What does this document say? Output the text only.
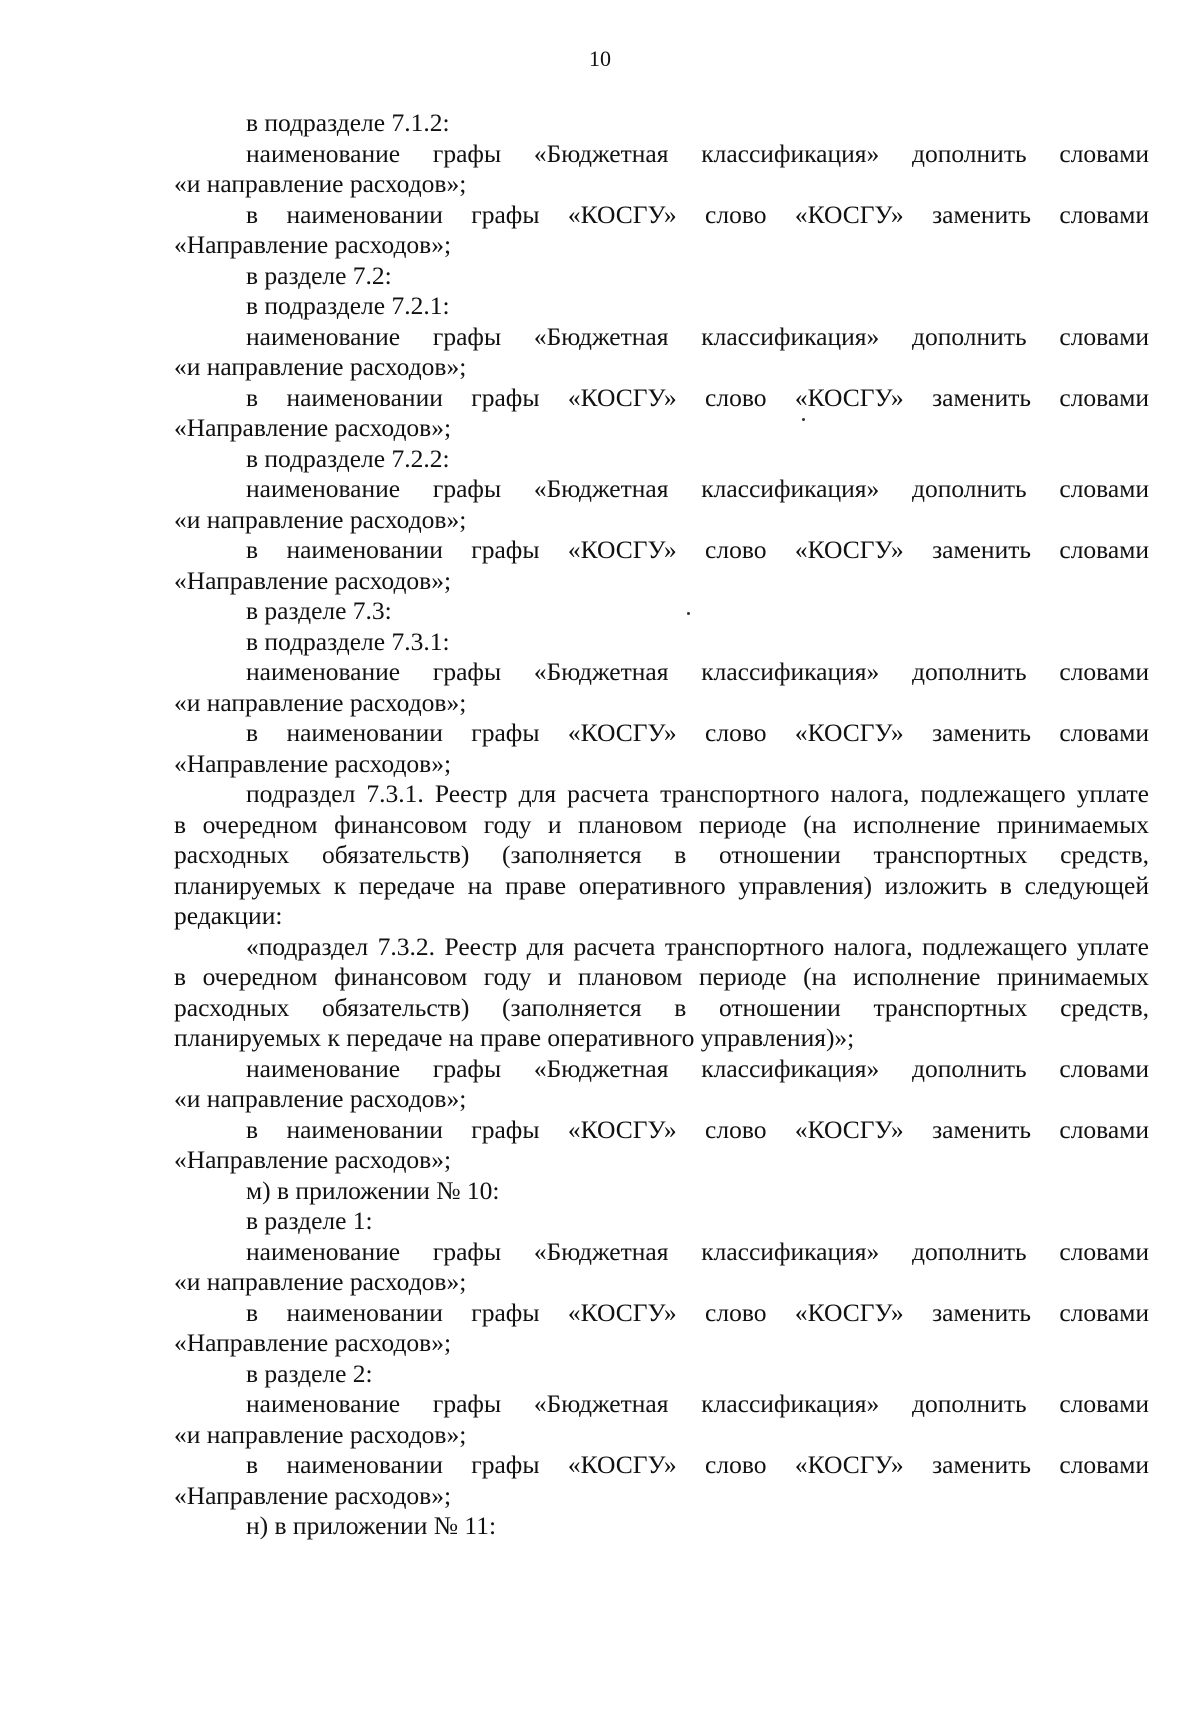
10
в подразделе 7.1.2:
наименование графы «Бюджетная классификация» дополнить словами
«и направление расходов»;
в наименовании графы «КОСГУ» слово «КОСГУ» заменить словами
«Направление расходов»;
в разделе 7.2:
в подразделе 7.2.1:
наименование графы «Бюджетная классификация» дополнить словами
«и направление расходов»;
в наименовании графы «КОСГУ» слово «КОСГУ» заменить словами
«Направление расходов»;
в подразделе 7.2.2:
наименование графы «Бюджетная классификация» дополнить словами
«и направление расходов»;
в наименовании графы «КОСГУ» слово «КОСГУ» заменить словами
«Направление расходов»;
в разделе 7.3:
в подразделе 7.3.1:
наименование графы «Бюджетная классификация» дополнить словами
«и направление расходов»;
в наименовании графы «КОСГУ» слово «КОСГУ» заменить словами
«Направление расходов»;
подраздел 7.3.1. Реестр для расчета транспортного налога, подлежащего уплате
в очередном финансовом году и плановом периоде (на исполнение принимаемых
расходных обязательств) (заполняется в отношении транспортных средств,
планируемых к передаче на праве оперативного управления) изложить в следующей
редакции:
«подраздел 7.3.2. Реестр для расчета транспортного налога, подлежащего уплате
в очередном финансовом году и плановом периоде (на исполнение принимаемых
расходных обязательств) (заполняется в отношении транспортных средств,
планируемых к передаче на праве оперативного управления)»;
наименование графы «Бюджетная классификация» дополнить словами
«и направление расходов»;
в наименовании графы «КОСГУ» слово «КОСГУ» заменить словами
«Направление расходов»;
м) в приложении № 10:
в разделе 1:
наименование графы «Бюджетная классификация» дополнить словами
«и направление расходов»;
в наименовании графы «КОСГУ» слово «КОСГУ» заменить словами
«Направление расходов»;
в разделе 2:
наименование графы «Бюджетная классификация» дополнить словами
«и направление расходов»;
в наименовании графы «КОСГУ» слово «КОСГУ» заменить словами
«Направление расходов»;
н) в приложении № 11:
